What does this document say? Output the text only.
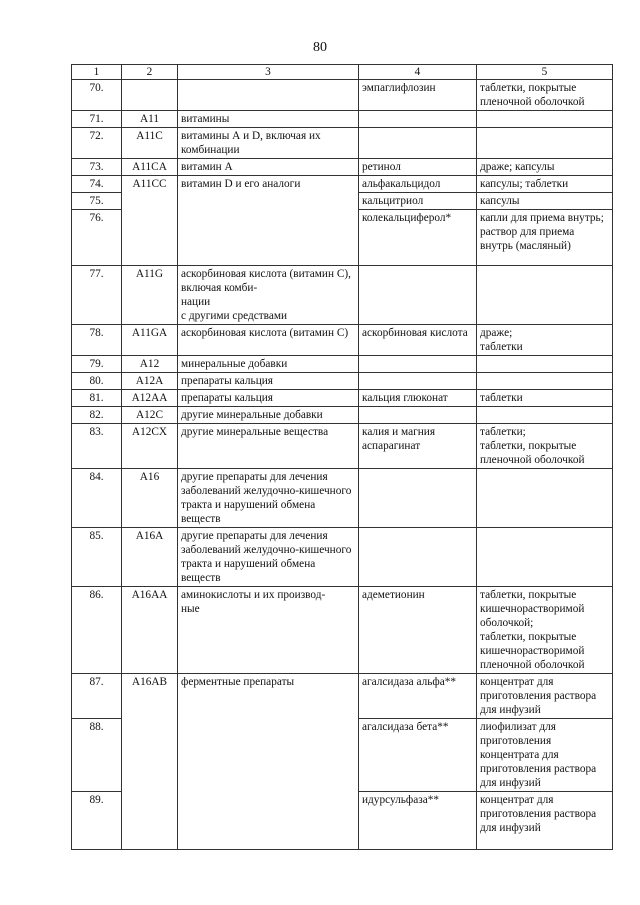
80
1	2	3	4	5
70.			эмпаглифлозин	таблетки, покрытые пленочной оболочкой
71.	A11	витамины		
72.	A11C	витамины А и D, включая их комбинации		
73.	A11CA	витамин А	ретинол	драже; капсулы
74.	A11CC	витамин D и его аналоги	альфакальцидол	капсулы; таблетки
75.			кальцитриол	капсулы
76.			колекальциферол*	капли для приема внутрь;
раствор для приема внутрь (масляный)
77.	A11G	аскорбиновая кислота (витамин С), включая комби-
нации
с другими средствами		
78.	A11GA	аскорбиновая кислота (витамин С)	аскорбиновая кислота	драже;
таблетки
79.	A12	минеральные добавки		
80.	A12A	препараты кальция		
81.	A12AA	препараты кальция	кальция глюконат	таблетки
82.	A12C	другие минеральные добавки		
83.	A12CX	другие минеральные вещества	калия и магния аспарагинат	таблетки;
таблетки, покрытые пленочной оболочкой
84.	A16	другие препараты для лечения заболеваний желудочно-кишечного тракта и нарушений обмена веществ		
85.	A16A	другие препараты для лечения заболеваний желудочно-кишечного тракта и нарушений обмена веществ		
86.	A16AA	аминокислоты и их производ-
ные	адеметионин	таблетки, покрытые кишечнорастворимой оболочкой;
таблетки, покрытые кишечнорастворимой пленочной оболочкой
87.	A16AB	ферментные препараты	агалсидаза альфа**	концентрат для приготовления раствора для инфузий
88.			агалсидаза бета**	лиофилизат для приготовления концентрата для приготовления раствора для инфузий
89.			идурсульфаза**	концентрат для приготовления раствора для инфузий
